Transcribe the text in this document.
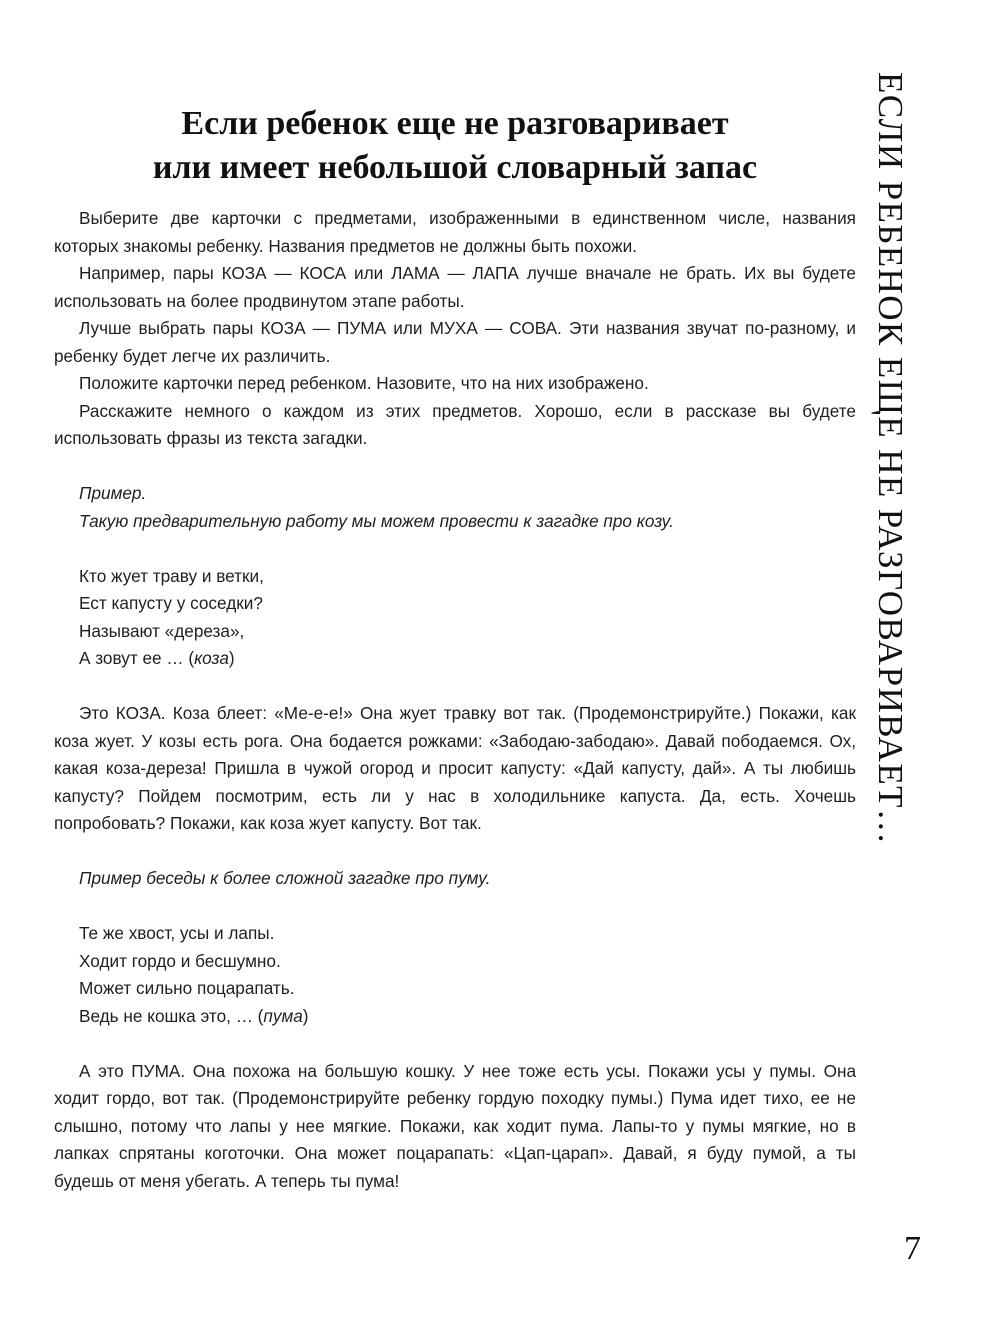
Если ребенок еще не разговаривает
или имеет небольшой словарный запас

Выберите две карточки с предметами, изображенными в единственном числе, названия которых знакомы ребенку. Названия предметов не должны быть похожи.

Например, пары КОЗА — КОСА или ЛАМА — ЛАПА лучше вначале не брать. Их вы будете использовать на более продвинутом этапе работы.

Лучше выбрать пары КОЗА — ПУМА или МУХА — СОВА. Эти названия звучат по-разному, и ребенку будет легче их различить.

Положите карточки перед ребенком. Назовите, что на них изображено.

Расскажите немного о каждом из этих предметов. Хорошо, если в рассказе вы будете использовать фразы из текста загадки.

Пример.

Такую предварительную работу мы можем провести к загадке про козу.

Кто жует траву и ветки,

Ест капусту у соседки?

Называют «дереза»,

А зовут ее … (коза)

Это КОЗА. Коза блеет: «Ме-е-е!» Она жует травку вот так. (Продемонстрируйте.) Покажи, как коза жует. У козы есть рога. Она бодается рожками: «Забодаю-забодаю». Давай пободаемся. Ох, какая коза-дереза! Пришла в чужой огород и просит капусту: «Дай капусту, дай». А ты любишь капусту? Пойдем посмотрим, есть ли у нас в холодильнике капуста. Да, есть. Хочешь попробовать? Покажи, как коза жует капусту. Вот так.

Пример беседы к более сложной загадке про пуму.

Те же хвост, усы и лапы.

Ходит гордо и бесшумно.

Может сильно поцарапать.

Ведь не кошка это, … (пума)

А это ПУМА. Она похожа на большую кошку. У нее тоже есть усы. Покажи усы у пумы. Она ходит гордо, вот так. (Продемонстрируйте ребенку гордую походку пумы.) Пума идет тихо, ее не слышно, потому что лапы у нее мягкие. Покажи, как ходит пума. Лапы-то у пумы мягкие, но в лапках спрятаны коготочки. Она может поцарапать: «Цап-царап». Давай, я буду пумой, а ты будешь от меня убегать. А теперь ты пума!

ЕСЛИ РЕБЕНОК ЕЩЕ НЕ РАЗГОВАРИВАЕТ…
7
